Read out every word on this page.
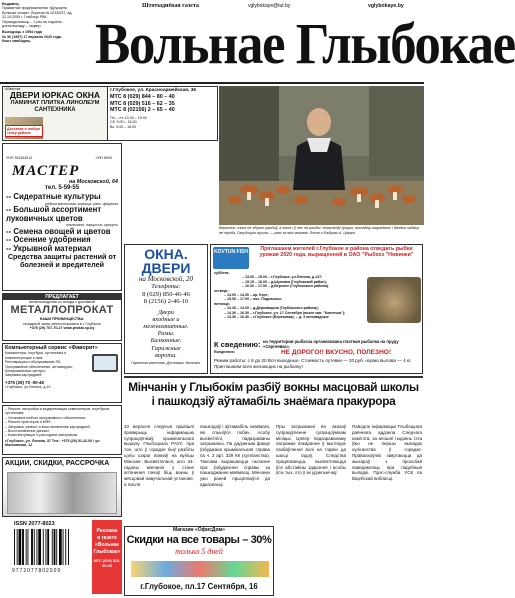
Выдавец:
Прыватнае прадпрыемства «Друкарня
Вольнае слова», Ліцэнзія № 02330/37, ад
12.10.2009 г. Глыбоцкі РВК.
Перыядычнасць – 1 раз на тыдзень,
дзень выхаду – чацвер.
Выходзіць з 1994 года
№ 36 (1957) 17 верасня 2020 года.
Кошт свабодны.
Штотыднёвая газета	vglybokaye@tut.by	vglybokaye.by
Вольнае Глыбокае
Абвестка
ДВЕРИ ЮРКАС ОКНА
ЛАМИНАТ ПЛИТКА ЛИНОЛЕУМ
САНТЕХНИКА
Доставка в любую точку района
г.Глубокое, ул. Красноармейская, 36
МТС 8 (029) 844 – 80 – 40
МТС 8 (029) 516 – 62 – 35
МТС 8 (02156) 2 – 65 – 40
Пн. – пт. 10.00 – 19.00
Сб. 9.00 – 16.00
Вс. 9.00 – 16.00
УНП 391164014	УНП 8000
МАСТЕР
на Московской, 64
тел. 5-59-55
-- Сидератные культуры
редька масличная, горчица, рапс, фацелия
-- Большой ассортимент луковичных цветов
тюльпаны, нарциссы, крокусы
-- Семена овощей и цветов
-- Осенние удобрения
-- Укрывной материал
Средства защиты растений от болезней и вредителей
ПРЕДЛАГАЕТ
металлоизделия со склада с доставкой
МЕТАЛЛОПРОКАТ
НАШИ ПРЕИМУЩЕСТВА:
складской запас металлопроката в г. Глубокое
+375 (29) 707-70-27 www.prokat-sp.by
Компьютерный сервис «Фаворит»
Компьютеры, ноутбуки, оргтехника и комплектующие к ним;
Реставрация и обслуживание ПК;
Программное обеспечение, антивирусы;
Копировальные центры;
Заправка картриджей.
+375 (29) 70 -00-46
г.Глубокое, ул.Ленина, д.10
– Ремонт, настройка и модернизация компьютеров, ноутбуков, оргтехники;
– Установка любого программного обеспечения;
– Ремонт принтеров и МФУ;
– Заправка, ремонт и восстановление картриджей;
– Восстановление данных;
– Комплектующие и расходные материалы.
г.Глубокое, ул. Ленина, 37 Тел.: +375 (29) 51-32-00 / ул. Московская, 12
АКЦИИ, СКИДКИ, РАССРОЧКА
ISSN 2077-8023
9772077802009
Реклама
в газете
«Вольнае
Глыбокае»
МТС (029) 513-60-00
Верасень: гэта не збіралі грыбаў, а гэта і ў лес на грыбы! Аляксандр Цвірка, гаспадар агарадзіны і далёка хадзіць не трэба, Галубоцкія пушчы — увас за якіх вочкамі. Фота з Фабрыкі A. Цвірка.
ОКНА.
ДВЕРИ
на Московской, 20
Телефоны:
8 (029) 850-46-46
8 (2156) 2-46-10
Двери
входные и
межкомнатные.
Рамы.
Балконные.
Гаражные
ворота.
Гарантия качества. Доставка. Монтаж.
KOVTUN FISH	Пріглашаем жителей г.Глубокое и района отведать рыбки урожая 2020 года, выращенной в ОАО "Рыбхоз "Новинки"
суббота:
– 13.00 – 15.00 – г.Глубокое, ул.Ленина, д.137;
– 15.15 – 16.00 – д.Шуневка (Глубокский район);
– 16.30 – 17.00 – д.Верхнее (Глубокского района).
четверг:
– 14.00 – 14.30 – ар. Корт;
– 15.00 – 17.00 – пос. Подсвилье;
пятница:
– 13.30 – 14.00 – д.Дерковщина (Глубокского района);
– 14.30 – 16.30 – г.Глубокое, ул. 17 Сентября (возле маг. "Копеечка");
– 13.30 – 16.30 – г.Глубокое (Березовка); – д. 4 иеломадные
К сведению: на территории рыбхоза организована платная рыбалка на пруду «Сергеевка».
НЕ ДОРОГО!! ВКУСНО, ПОЛЕЗНО!
Ежедневно:
Режим работы: с 8 до 20 Вся выходные. Стоимость путевки — 20 руб. норма вылова — 4 кг. Приглашаем всех желающих на рыбалку!
Мінчанін у Глыбокім разбіў вокны масцовай школы і пашкодзіў аўтамабіль знаёмага пракурора
10 верасня следчыя прыйшлі праверыць інфармацыю супрацоўнікаў крымінальнага вышуку Глыбоцкага РАУС пра тое, што ў горадзе быў разбіты цэлы шэраг вокнаў на вуліцы Мінская. Высветлілася, што 34-гадовы мінчанін у стане ап'янення пачаў біць вокны ў мясцовай навучальнай установе, а пасля
пашкодзіў і аўтамабіль знаёмага, які спыніўся побач. Асобу высветлілі, падазраваны затрыманы. Па дадзеным факце ўзбуджана крымінальная справа па ч. 2 арт. 339 КК (хуліганства). Таксама вырашаецца пытанне пра ўзбуджэнне справы за пашкоджанне маёмасці. Мінчанін ужо раней прыцягваўся да адказнасці.
Пры затрыманні ён аказаў супраціўленне супрацоўнікам міліцыі. Цяпер падазраванаму пагражае пакаранне ў выглядзе пазбаўлення волі на тэрмін да шасці гадоў. Следства працягваецца, высвятляюцца ўсе абставіны здарэння і асобы ўсіх тых, хто ў ім удзельнічаў.
Паводле інфармацыі Глыбоцкага раённага аддзела Следчага камітэта, за апошні тыдзень гэта ўжо не першы выпадак хуліганства ў горадзе. Праваахоўнікі звяртаюцца да жыхароў з просьбай паведамляць пра падобныя выпадкі. Прэс-служба УСК па Віцебскай вобласці.
Магазин «ОфисДом»
Скидки на все товары – 30%
только 5 дней
г.Глубокое, пл.17 Сентября, 16
